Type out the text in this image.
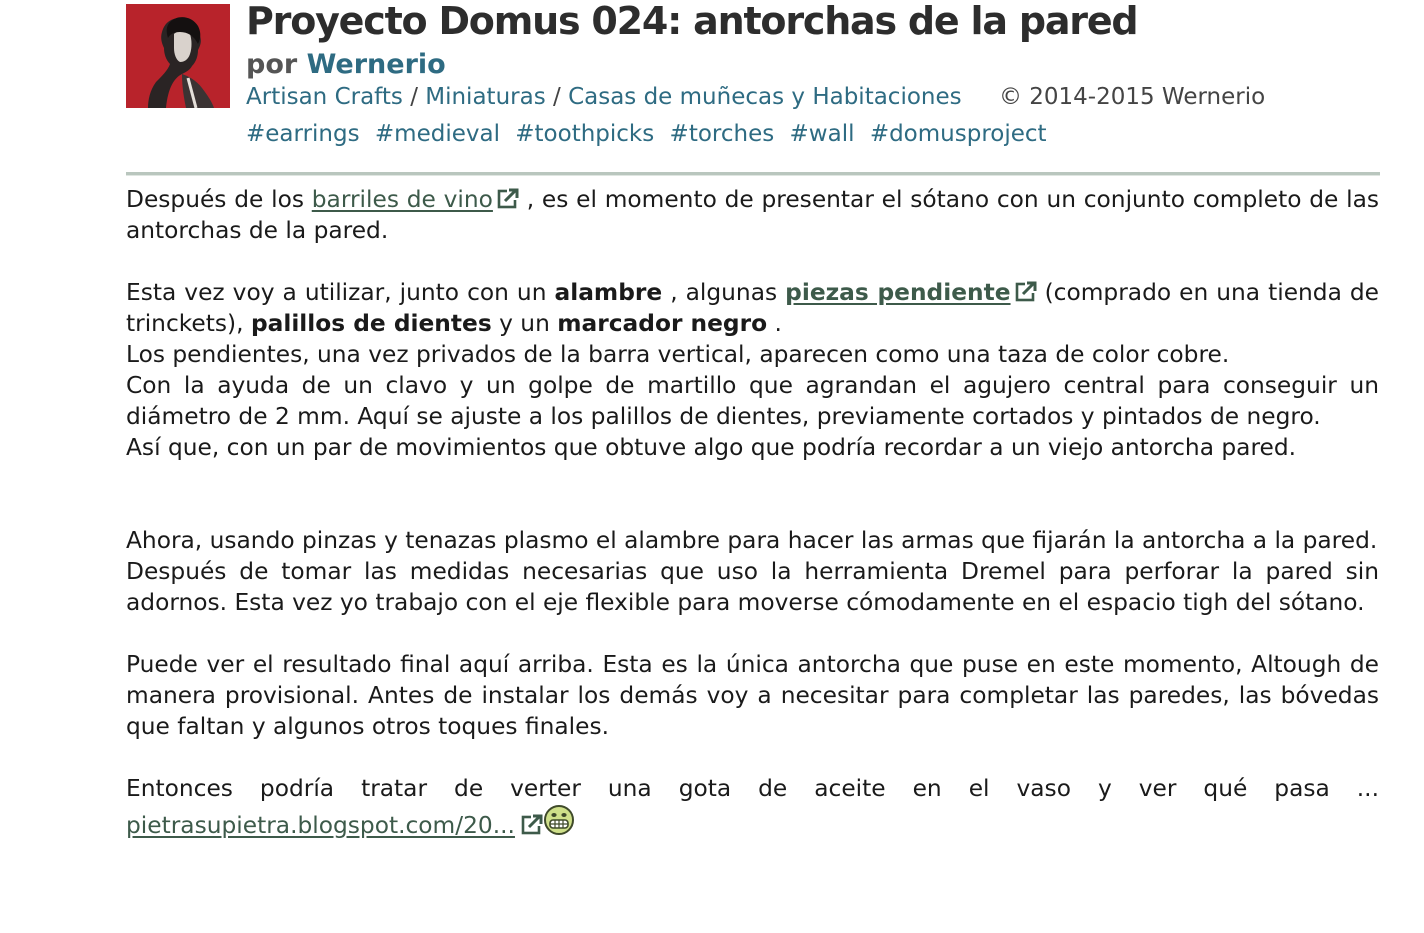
Proyecto Domus 024: antorchas de la pared
por Wernerio
Artisan Crafts / Miniaturas / Casas de muñecas y Habitaciones © 2014-2015 Wernerio
#earrings #medieval #toothpicks #torches #wall #domusproject

Después de los barriles de vino , es el momento de presentar el sótano con un conjunto completo de las antorchas de la pared.

Esta vez voy a utilizar, junto con un alambre , algunas piezas pendiente (comprado en una tienda de trinckets), palillos de dientes y un marcador negro .

Los pendientes, una vez privados de la barra vertical, aparecen como una taza de color cobre.

Con la ayuda de un clavo y un golpe de martillo que agrandan el agujero central para conseguir un diámetro de 2 mm. Aquí se ajuste a los palillos de dientes, previamente cortados y pintados de negro.

Así que, con un par de movimientos que obtuve algo que podría recordar a un viejo antorcha pared.

Ahora, usando pinzas y tenazas plasmo el alambre para hacer las armas que fijarán la antorcha a la pared.

Después de tomar las medidas necesarias que uso la herramienta Dremel para perforar la pared sin adornos. Esta vez yo trabajo con el eje flexible para moverse cómodamente en el espacio tigh del sótano.

Puede ver el resultado final aquí arriba. Esta es la única antorcha que puse en este momento, Altough de manera provisional. Antes de instalar los demás voy a necesitar para completar las paredes, las bóvedas que faltan y algunos otros toques finales.

Entonces podría tratar de verter una gota de aceite en el vaso y ver qué pasa ...

pietrasupietra.blogspot.com/20...
